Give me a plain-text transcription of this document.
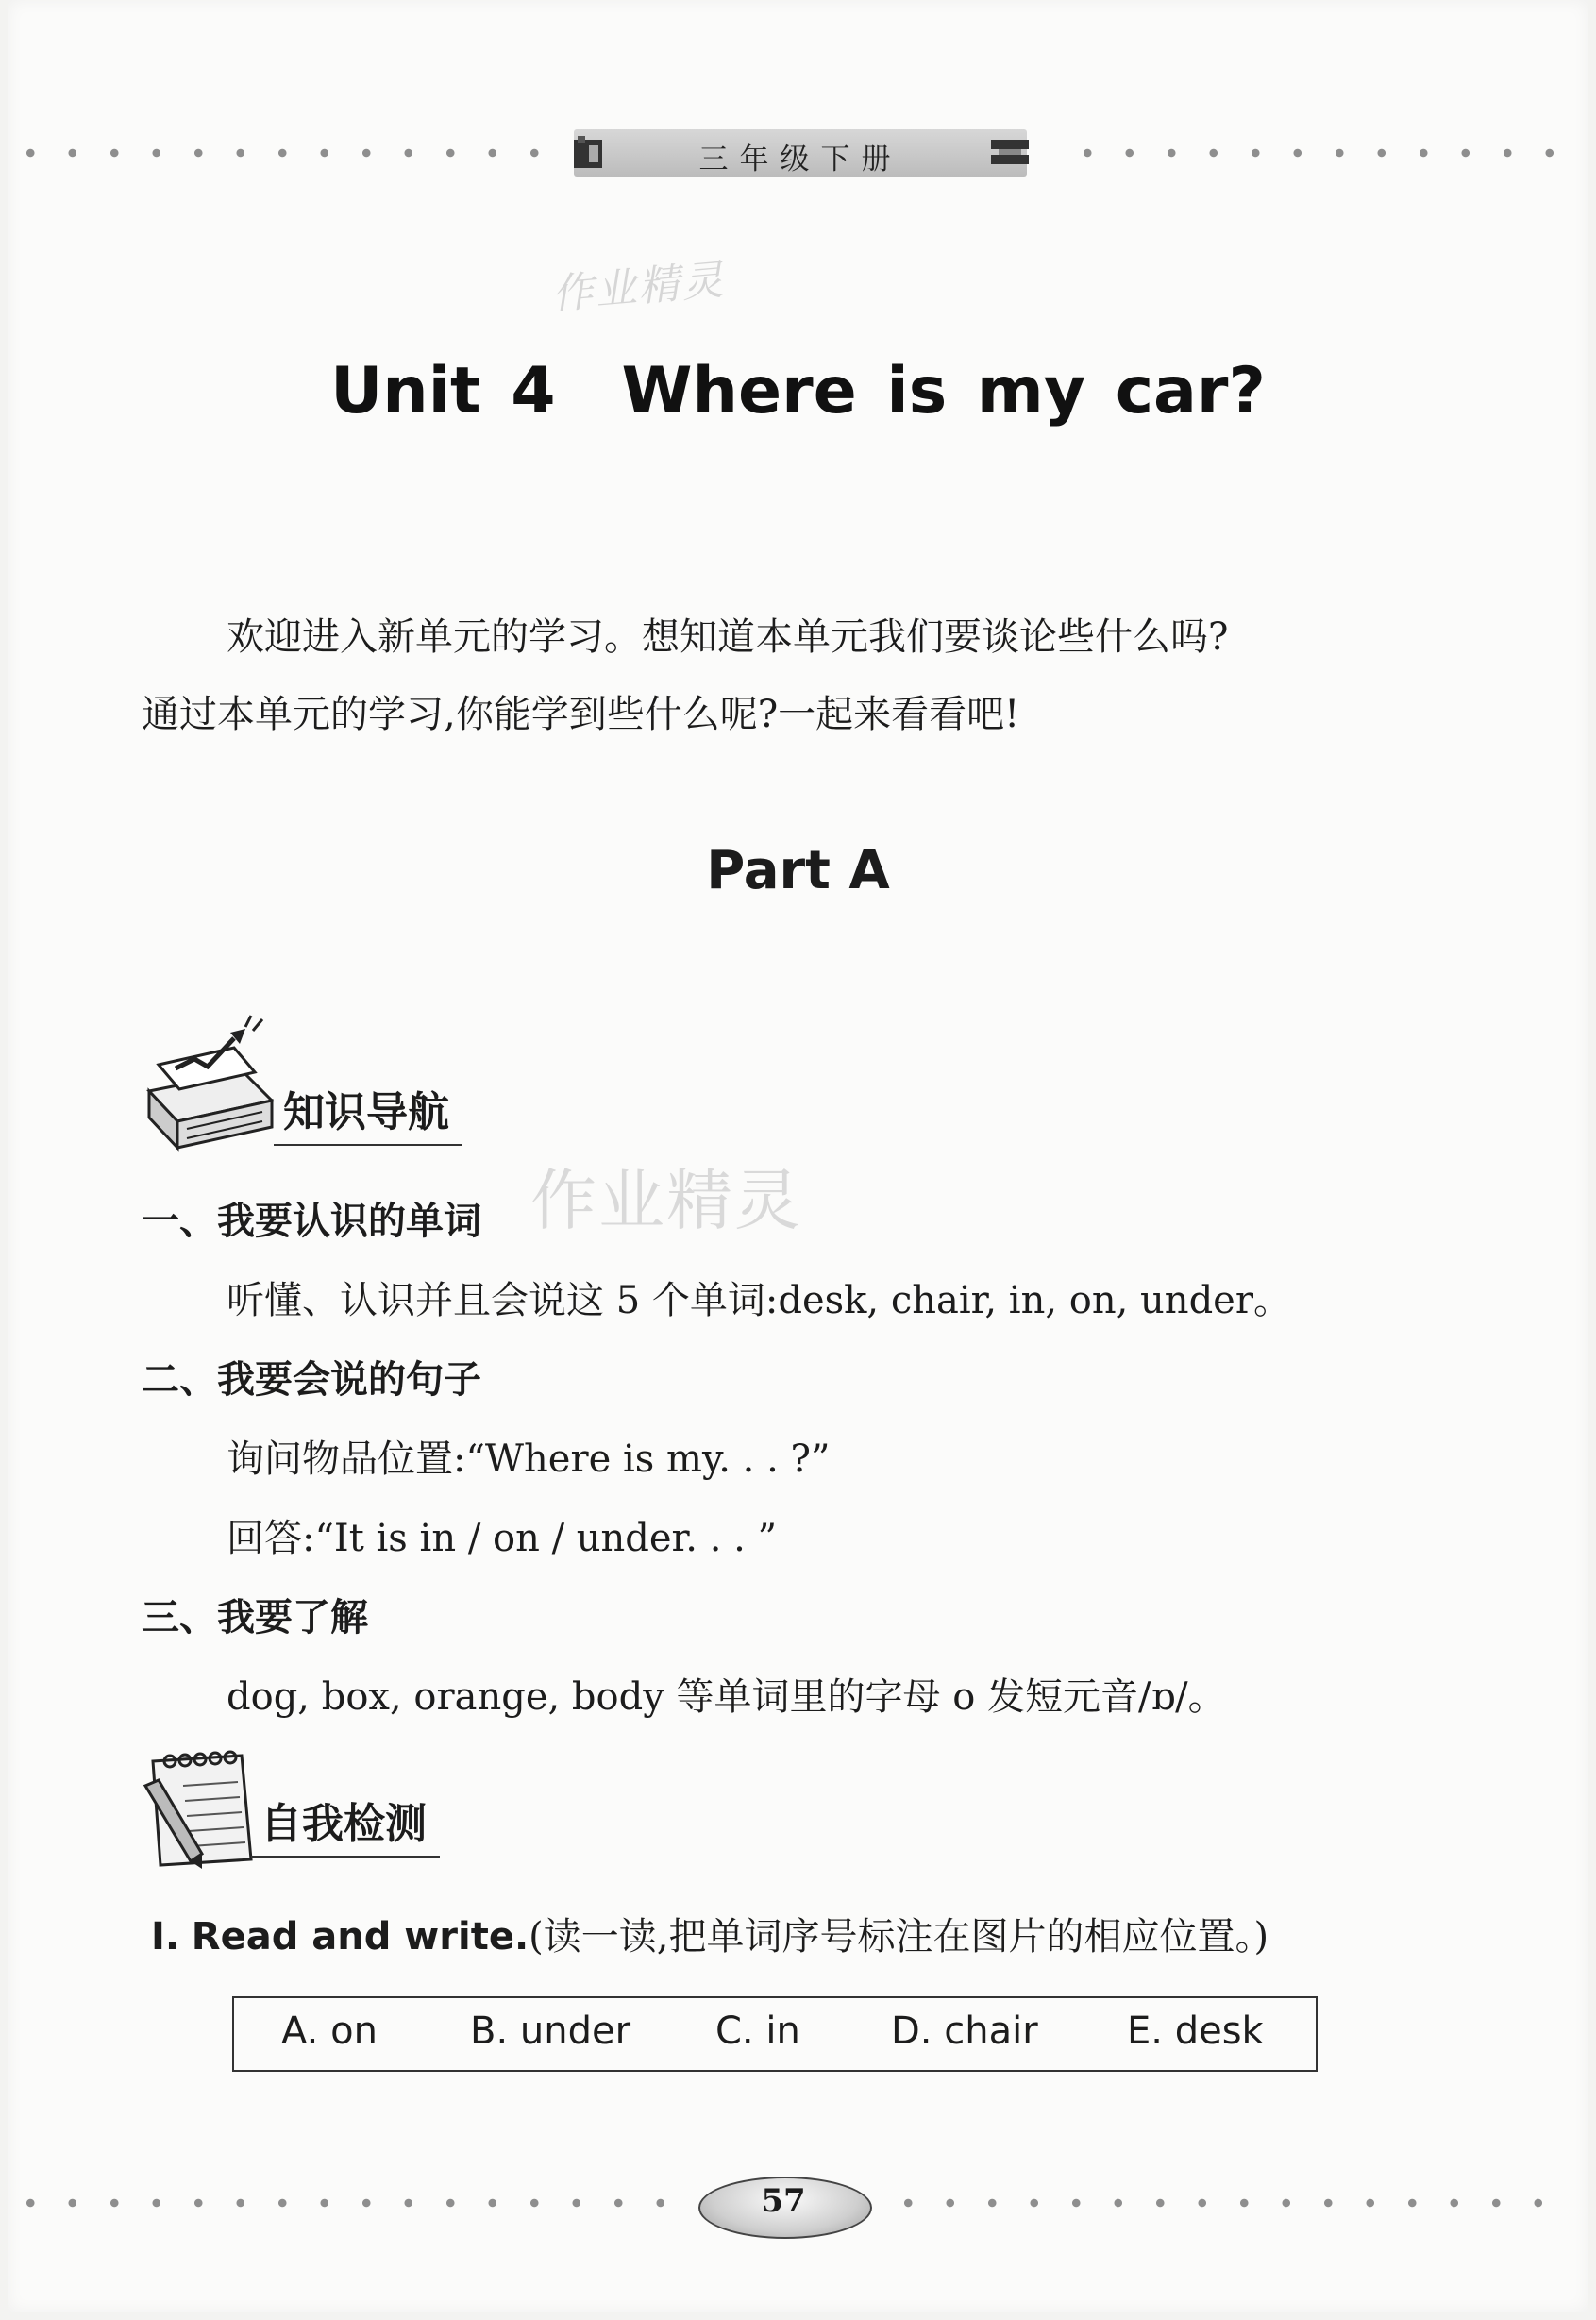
三年级下册
作业精灵
Unit 4 Where is my car?
欢迎进入新单元的学习。想知道本单元我们要谈论些什么吗?
通过本单元的学习,你能学到些什么呢?一起来看看吧!
Part A
知识导航
作业精灵
一、我要认识的单词
听懂、认识并且会说这 5 个单词:desk, chair, in, on, under。
二、我要会说的句子
询问物品位置:“Where is my. . . ?”
回答:“It is in / on / under. . . ”
三、我要了解
dog, box, orange, body 等单词里的字母 o 发短元音/ɒ/。
自我检测
Ⅰ. Read and write.(读一读,把单词序号标注在图片的相应位置。)
A. on B. under C. in D. chair E. desk
57
